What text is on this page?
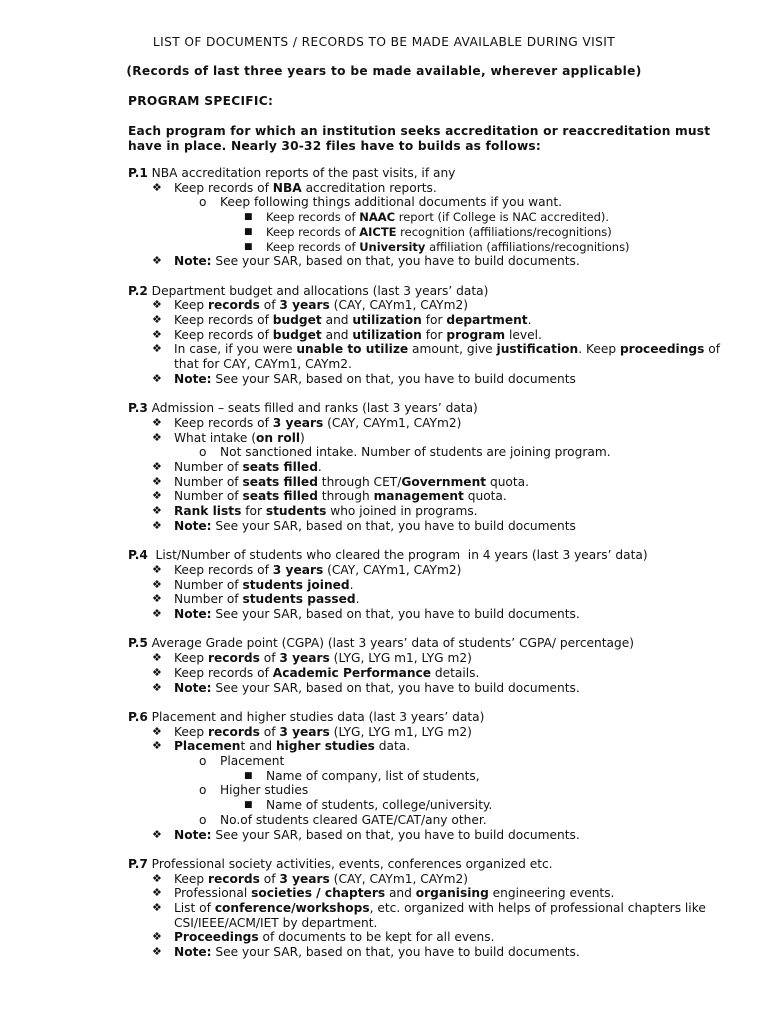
LIST OF DOCUMENTS / RECORDS TO BE MADE AVAILABLE DURING VISIT
(Records of last three years to be made available, wherever applicable)
PROGRAM SPECIFIC:
Each program for which an institution seeks accreditation or reaccreditation must have in place. Nearly 30-32 files have to builds as follows:
P.1 NBA accreditation reports of the past visits, if any
❖ Keep records of NBA accreditation reports.
o Keep following things additional documents if you want.
■ Keep records of NAAC report (if College is NAC accredited).
■ Keep records of AICTE recognition (affiliations/recognitions)
■ Keep records of University affiliation (affiliations/recognitions)
❖ Note: See your SAR, based on that, you have to build documents.
P.2 Department budget and allocations (last 3 years’ data)
❖ Keep records of 3 years (CAY, CAYm1, CAYm2)
❖ Keep records of budget and utilization for department.
❖ Keep records of budget and utilization for program level.
❖ In case, if you were unable to utilize amount, give justification. Keep proceedings of that for CAY, CAYm1, CAYm2.
❖ Note: See your SAR, based on that, you have to build documents
P.3 Admission – seats filled and ranks (last 3 years’ data)
❖ Keep records of 3 years (CAY, CAYm1, CAYm2)
❖ What intake (on roll)
o Not sanctioned intake. Number of students are joining program.
❖ Number of seats filled.
❖ Number of seats filled through CET/Government quota.
❖ Number of seats filled through management quota.
❖ Rank lists for students who joined in programs.
❖ Note: See your SAR, based on that, you have to build documents
P.4  List/Number of students who cleared the program  in 4 years (last 3 years’ data)
❖ Keep records of 3 years (CAY, CAYm1, CAYm2)
❖ Number of students joined.
❖ Number of students passed.
❖ Note: See your SAR, based on that, you have to build documents.
P.5 Average Grade point (CGPA) (last 3 years’ data of students’ CGPA/ percentage)
❖ Keep records of 3 years (LYG, LYG m1, LYG m2)
❖ Keep records of Academic Performance details.
❖ Note: See your SAR, based on that, you have to build documents.
P.6 Placement and higher studies data (last 3 years’ data)
❖ Keep records of 3 years (LYG, LYG m1, LYG m2)
❖ Placement and higher studies data.
o Placement
■ Name of company, list of students,
o Higher studies
■ Name of students, college/university.
o No.of students cleared GATE/CAT/any other.
❖ Note: See your SAR, based on that, you have to build documents.
P.7 Professional society activities, events, conferences organized etc.
❖ Keep records of 3 years (CAY, CAYm1, CAYm2)
❖ Professional societies / chapters and organising engineering events.
❖ List of conference/workshops, etc. organized with helps of professional chapters like CSI/IEEE/ACM/IET by department.
❖ Proceedings of documents to be kept for all evens.
❖ Note: See your SAR, based on that, you have to build documents.
